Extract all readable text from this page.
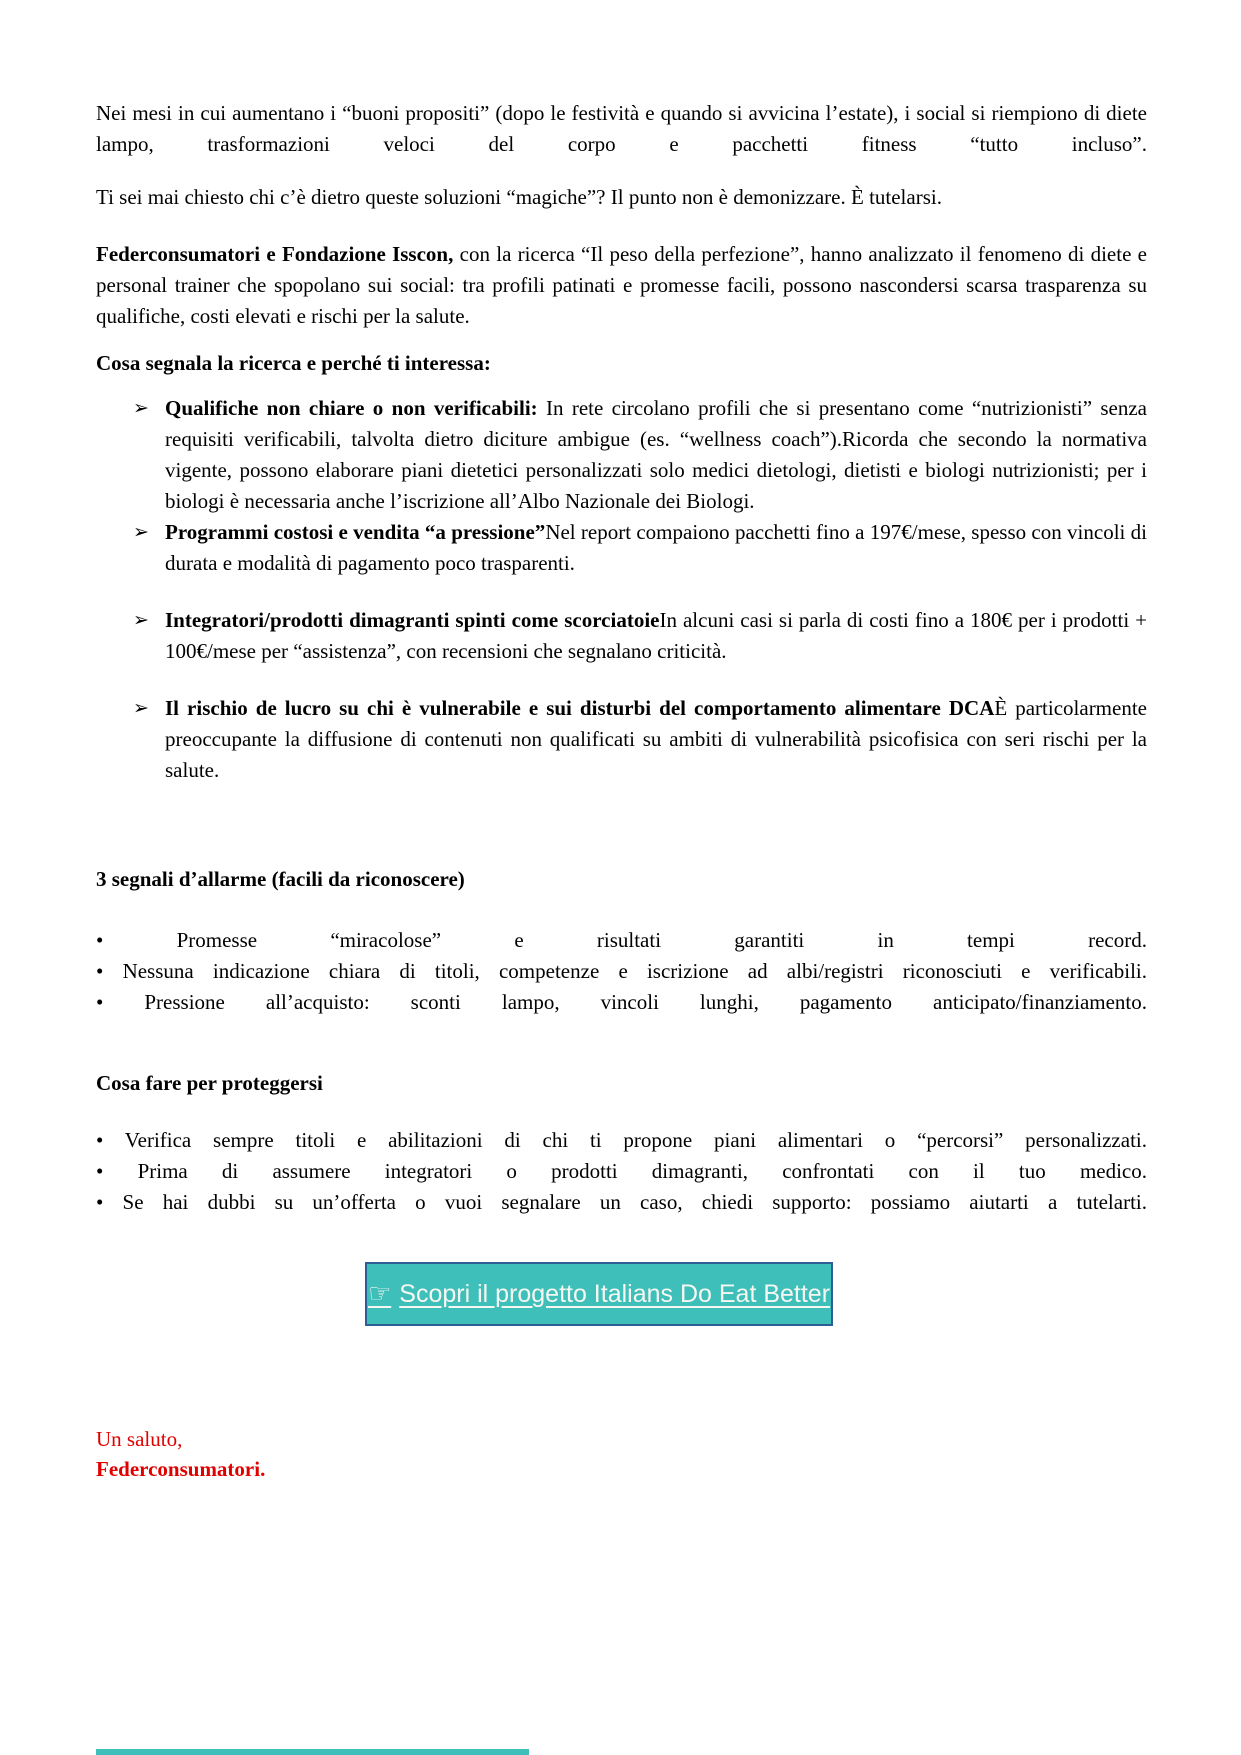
Nei mesi in cui aumentano i “buoni propositi” (dopo le festività e quando si avvicina l’estate), i social si riempiono di diete lampo, trasformazioni veloci del corpo e pacchetti fitness “tutto incluso”.

Ti sei mai chiesto chi c’è dietro queste soluzioni “magiche”? Il punto non è demonizzare. È tutelarsi.

Federconsumatori e Fondazione Isscon, con la ricerca “Il peso della perfezione”, hanno analizzato il fenomeno di diete e personal trainer che spopolano sui social: tra profili patinati e promesse facili, possono nascondersi scarsa trasparenza su qualifiche, costi elevati e rischi per la salute.

Cosa segnala la ricerca e perché ti interessa:

➢ Qualifiche non chiare o non verificabili: In rete circolano profili che si presentano come “nutrizionisti” senza requisiti verificabili, talvolta dietro diciture ambigue (es. “wellness coach”).Ricorda che secondo la normativa vigente, possono elaborare piani dietetici personalizzati solo medici dietologi, dietisti e biologi nutrizionisti; per i biologi è necessaria anche l’iscrizione all’Albo Nazionale dei Biologi.
➢ Programmi costosi e vendita “a pressione”Nel report compaiono pacchetti fino a 197€/mese, spesso con vincoli di durata e modalità di pagamento poco trasparenti.
➢ Integratori/prodotti dimagranti spinti come scorciatoieIn alcuni casi si parla di costi fino a 180€ per i prodotti + 100€/mese per “assistenza”, con recensioni che segnalano criticità.
➢ Il rischio de lucro su chi è vulnerabile e sui disturbi del comportamento alimentare DCAÈ particolarmente preoccupante la diffusione di contenuti non qualificati su ambiti di vulnerabilità psicofisica con seri rischi per la salute.

3 segnali d’allarme (facili da riconoscere)

•	Promesse “miracolose” e risultati garantiti in tempi record.

• Nessuna indicazione chiara di titoli, competenze e iscrizione ad albi/registri riconosciuti e verificabili.

• Pressione all’acquisto: sconti lampo, vincoli lunghi, pagamento anticipato/finanziamento.

Cosa fare per proteggersi

• Verifica sempre titoli e abilitazioni di chi ti propone piani alimentari o “percorsi” personalizzati.

• Prima di assumere integratori o prodotti dimagranti, confrontati con il tuo medico.

• Se hai dubbi su un’offerta o vuoi segnalare un caso, chiedi supporto: possiamo aiutarti a tutelarti.

☞ Scopri il progetto Italians Do Eat Better
Un saluto,
Federconsumatori.
